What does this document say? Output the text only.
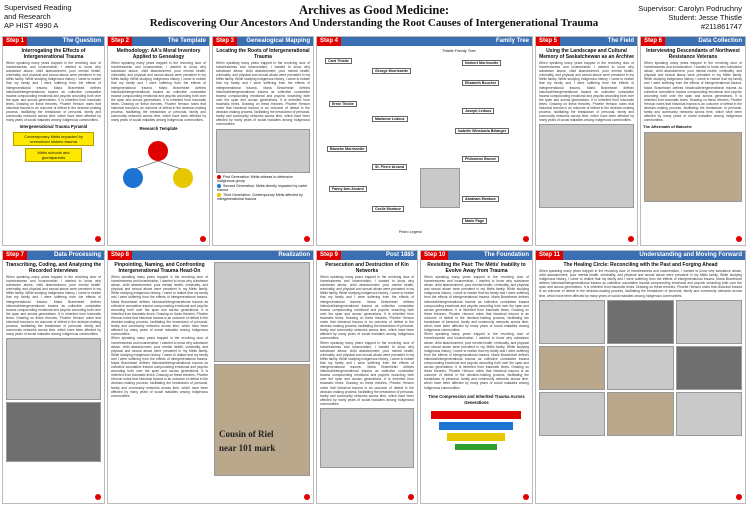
Supervised Reading
and Research
AP HIST 4990 A
Archives as Good Medicine:
Rediscovering Our Ancestors And Understanding the Root Causes of Intergenerational Trauma
Supervisor: Carolyn Podruchny
Student: Jesse Thistle
#211861747
Step 1	The Question
Interrogating the Effects of Intergenerational Trauma
When speaking many years trapped in the revolving door of homelessness and incarceration, I wanted to know why substance abuse, child abandonment, poor mental health, criminality, and physical and sexual abuse were prevalent in my Métis family. While studying Indigenous history, I came to realize that my family and I were suffering from the effects of intergenerational trauma. Maria Braveheart defines historical/intergenerational trauma as collective cumulative trauma compounding emotional and psychic wounding both over the span and across generations. It is inherited from traumatic times. Drawing on these theories, Phoebe Henson notes that historical trauma is an outcome of defeat in the decision-making process, facilitating the breakdown of personal, family and community networks across time, which have been affected by many years of social maladies among Indigenous communities.
Intergenerational Trauma Pyramid
Contemporary Métis impacted by unresolved historic trauma
Métis schools and grandparents
Step 2	The Template
Methodology: AA's Moral Inventory Applied to Genealogy
When speaking many years trapped in the revolving door of homelessness and incarceration, I wanted to know why substance abuse, child abandonment, poor mental health, criminality, and physical and sexual abuse were prevalent in my Métis family. While studying Indigenous history, I came to realize that my family and I were suffering from the effects of intergenerational trauma. Maria Braveheart defines historical/intergenerational trauma as collective cumulative trauma compounding emotional and psychic wounding both over the span and across generations. It is inherited from traumatic times. Drawing on these theories, Phoebe Henson notes that historical trauma is an outcome of defeat in the decision-making process, facilitating the breakdown of personal, family and community networks across time, which have been affected by many years of social maladies among Indigenous communities.
Research Template
Step 3	Genealogical Mapping
Locating the Roots of Intergenerational Trauma
When speaking many years trapped in the revolving door of homelessness and incarceration, I wanted to know why substance abuse, child abandonment, poor mental health, criminality, and physical and sexual abuse were prevalent in my Métis family. While studying Indigenous history, I came to realize that my family and I were suffering from the effects of intergenerational trauma. Maria Braveheart defines historical/intergenerational trauma as collective cumulative trauma compounding emotional and psychic wounding both over the span and across generations. It is inherited from traumatic times. Drawing on these theories, Phoebe Henson notes that historical trauma is an outcome of defeat in the decision-making process, facilitating the breakdown of personal, family and community networks across time, which have been affected by many years of social maladies among Indigenous communities.
First Generation: Métis witness to defensive Indigenous group
Second Generation: Métis directly impacted by cartel trauma
Third Generation: Contemporary Métis affected by intergenerational trauma
Step 4	Family Tree
Thistle Family Tree
Card Thistle
George Morrissette
Ernie Thistle
Marianne Ledoux
Blanche Morrissette
St. Pierre Arcand
Fanny Ann Arcand
Cecile Montour
Norbert Morrissette
Elizabeth Boucher
Joseph Ledoux
Isabelle Winslow/a Bélanger
Philomene Brunet
Abraham Montour
Marie Page
Pedro Legend
Step 5	The Field
Using the Landscape and Cultural Memory of Saskatchewan as an Archive
When speaking many years trapped in the revolving door of homelessness and incarceration, I wanted to know why substance abuse, child abandonment, poor mental health, criminality, and physical and sexual abuse were prevalent in my Métis family. While studying Indigenous history, I came to realize that my family and I were suffering from the effects of intergenerational trauma. Maria Braveheart defines historical/intergenerational trauma as collective cumulative trauma compounding emotional and psychic wounding both over the span and across generations. It is inherited from traumatic times. Drawing on these theories, Phoebe Henson notes that historical trauma is an outcome of defeat in the decision-making process, facilitating the breakdown of personal, family and community networks across time, which have been affected by many years of social maladies among Indigenous communities.
Step 6	Data Collection
Interviewing Descendants of Northwest Resistance Veterans
When speaking many years trapped in the revolving door of homelessness and incarceration, I wanted to know why substance abuse, child abandonment, poor mental health, criminality, and physical and sexual abuse were prevalent in my Métis family. While studying Indigenous history, I came to realize that my family and I were suffering from the effects of intergenerational trauma. Maria Braveheart defines historical/intergenerational trauma as collective cumulative trauma compounding emotional and psychic wounding both over the span and across generations. It is inherited from traumatic times. Drawing on these theories, Phoebe Henson notes that historical trauma is an outcome of defeat in the decision-making process, facilitating the breakdown of personal, family and community networks across time, which have been affected by many years of social maladies among Indigenous communities.
The Aftermath of Batoche
Step 7	Data Processing
Transcribing, Coding, and Analyzing the Recorded Interviews
When speaking many years trapped in the revolving door of homelessness and incarceration, I wanted to know why substance abuse, child abandonment, poor mental health, criminality, and physical and sexual abuse were prevalent in my Métis family. While studying Indigenous history, I came to realize that my family and I were suffering from the effects of intergenerational trauma. Maria Braveheart defines historical/intergenerational trauma as collective cumulative trauma compounding emotional and psychic wounding both over the span and across generations. It is inherited from traumatic times. Drawing on these theories, Phoebe Henson notes that historical trauma is an outcome of defeat in the decision-making process, facilitating the breakdown of personal, family and community networks across time, which have been affected by many years of social maladies among Indigenous communities.
Step 8	Realization
Pinpointing, Naming, and Confronting Intergenerational Trauma Head-On
When speaking many years trapped in the revolving door of homelessness and incarceration, I wanted to know why substance abuse, child abandonment, poor mental health, criminality, and physical and sexual abuse were prevalent in my Métis family. While studying Indigenous history, I came to realize that my family and I were suffering from the effects of intergenerational trauma. Maria Braveheart defines historical/intergenerational trauma as collective cumulative trauma compounding emotional and psychic wounding both over the span and across generations. It is inherited from traumatic times. Drawing on these theories, Phoebe Henson notes that historical trauma is an outcome of defeat in the decision-making process, facilitating the breakdown of personal, family and community networks across time, which have been affected by many years of social maladies among Indigenous communities.
When speaking many years trapped in the revolving door of homelessness and incarceration, I wanted to know why substance abuse, child abandonment, poor mental health, criminality, and physical and sexual abuse were prevalent in my Métis family. While studying Indigenous history, I came to realize that my family and I were suffering from the effects of intergenerational trauma. Maria Braveheart defines historical/intergenerational trauma as collective cumulative trauma compounding emotional and psychic wounding both over the span and across generations. It is inherited from traumatic times. Drawing on these theories, Phoebe Henson notes that historical trauma is an outcome of defeat in the decision-making process, facilitating the breakdown of personal, family and community networks across time, which have been affected by many years of social maladies among Indigenous communities.
Cousin of Riel
near 101 mark
Step 9	Post 1885
Persecution and Destruction of Kin Networks
When speaking many years trapped in the revolving door of homelessness and incarceration, I wanted to know why substance abuse, child abandonment, poor mental health, criminality, and physical and sexual abuse were prevalent in my Métis family. While studying Indigenous history, I came to realize that my family and I were suffering from the effects of intergenerational trauma. Maria Braveheart defines historical/intergenerational trauma as collective cumulative trauma compounding emotional and psychic wounding both over the span and across generations. It is inherited from traumatic times. Drawing on these theories, Phoebe Henson notes that historical trauma is an outcome of defeat in the decision-making process, facilitating the breakdown of personal, family and community networks across time, which have been affected by many years of social maladies among Indigenous communities.
When speaking many years trapped in the revolving door of homelessness and incarceration, I wanted to know why substance abuse, child abandonment, poor mental health, criminality, and physical and sexual abuse were prevalent in my Métis family. While studying Indigenous history, I came to realize that my family and I were suffering from the effects of intergenerational trauma. Maria Braveheart defines historical/intergenerational trauma as collective cumulative trauma compounding emotional and psychic wounding both over the span and across generations. It is inherited from traumatic times. Drawing on these theories, Phoebe Henson notes that historical trauma is an outcome of defeat in the decision-making process, facilitating the breakdown of personal, family and community networks across time, which have been affected by many years of social maladies among Indigenous communities.
Step 10	The Foundation
Revisiting the Past: The Métis' Inability to Evolve Away from Trauma
When speaking many years trapped in the revolving door of homelessness and incarceration, I wanted to know why substance abuse, child abandonment, poor mental health, criminality, and physical and sexual abuse were prevalent in my Métis family. While studying Indigenous history, I came to realize that my family and I were suffering from the effects of intergenerational trauma. Maria Braveheart defines historical/intergenerational trauma as collective cumulative trauma compounding emotional and psychic wounding both over the span and across generations. It is inherited from traumatic times. Drawing on these theories, Phoebe Henson notes that historical trauma is an outcome of defeat in the decision-making process, facilitating the breakdown of personal, family and community networks across time, which have been affected by many years of social maladies among Indigenous communities.
When speaking many years trapped in the revolving door of homelessness and incarceration, I wanted to know why substance abuse, child abandonment, poor mental health, criminality, and physical and sexual abuse were prevalent in my Métis family. While studying Indigenous history, I came to realize that my family and I were suffering from the effects of intergenerational trauma. Maria Braveheart defines historical/intergenerational trauma as collective cumulative trauma compounding emotional and psychic wounding both over the span and across generations. It is inherited from traumatic times. Drawing on these theories, Phoebe Henson notes that historical trauma is an outcome of defeat in the decision-making process, facilitating the breakdown of personal, family and community networks across time, which have been affected by many years of social maladies among Indigenous communities.
Time Compression and Inherited Trauma Across Generations
Step 11	Understanding and Moving Forward
The Healing Circle: Reconciling with the Past and Forging Ahead
When speaking many years trapped in the revolving door of homelessness and incarceration, I wanted to know why substance abuse, child abandonment, poor mental health, criminality, and physical and sexual abuse were prevalent in my Métis family. While studying Indigenous history, I came to realize that my family and I were suffering from the effects of intergenerational trauma. Maria Braveheart defines historical/intergenerational trauma as collective cumulative trauma compounding emotional and psychic wounding both over the span and across generations. It is inherited from traumatic times. Drawing on these theories, Phoebe Henson notes that historical trauma is an outcome of defeat in the decision-making process, facilitating the breakdown of personal, family and community networks across time, which have been affected by many years of social maladies among Indigenous communities.
